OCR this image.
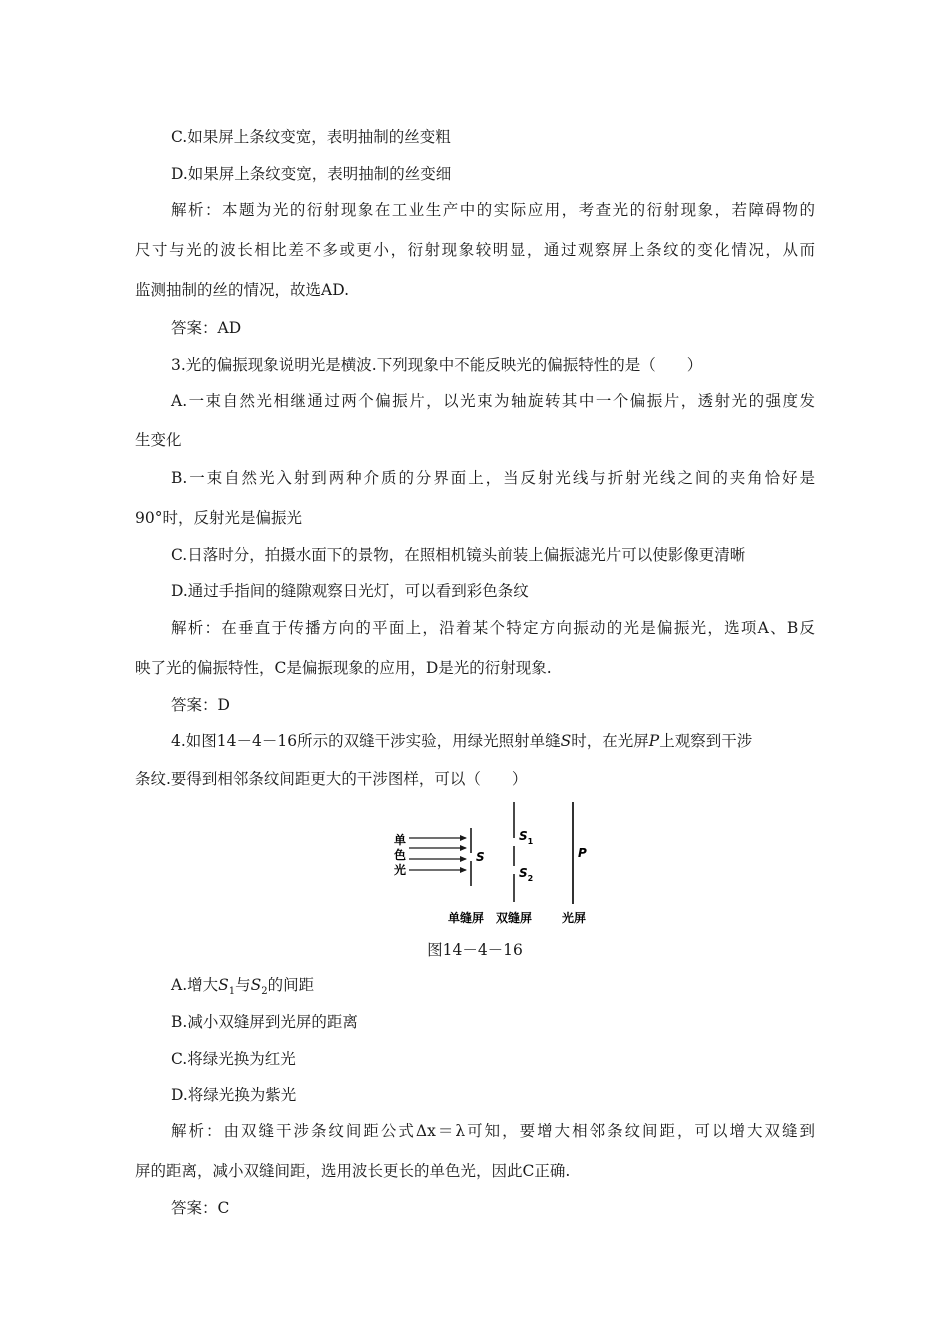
C.如果屏上条纹变宽，表明抽制的丝变粗
D.如果屏上条纹变宽，表明抽制的丝变细
解析：本题为光的衍射现象在工业生产中的实际应用，考查光的衍射现象，若障碍物的
尺寸与光的波长相比差不多或更小，衍射现象较明显，通过观察屏上条纹的变化情况，从而
监测抽制的丝的情况，故选AD.
答案：AD
3.光的偏振现象说明光是横波.下列现象中不能反映光的偏振特性的是（　　）
A.一束自然光相继通过两个偏振片，以光束为轴旋转其中一个偏振片，透射光的强度发
生变化
B.一束自然光入射到两种介质的分界面上，当反射光线与折射光线之间的夹角恰好是
90°时，反射光是偏振光
C.日落时分，拍摄水面下的景物，在照相机镜头前装上偏振滤光片可以使影像更清晰
D.通过手指间的缝隙观察日光灯，可以看到彩色条纹
解析：在垂直于传播方向的平面上，沿着某个特定方向振动的光是偏振光，选项A、B反
映了光的偏振特性，C是偏振现象的应用，D是光的衍射现象.
答案：D
4.如图14－4－16所示的双缝干涉实验，用绿光照射单缝S时，在光屏P上观察到干涉
条纹.要得到相邻条纹间距更大的干涉图样，可以（　　）
单
色
光
S
$S_1$
$S_2$
P
单缝屏 双缝屏 光屏
图14－4－16
A.增大$S_1$与$S_2$的间距
B.减小双缝屏到光屏的距离
C.将绿光换为红光
D.将绿光换为紫光
解析：由双缝干涉条纹间距公式Δx＝λ可知，要增大相邻条纹间距，可以增大双缝到
屏的距离，减小双缝间距，选用波长更长的单色光，因此C正确.
答案：C
